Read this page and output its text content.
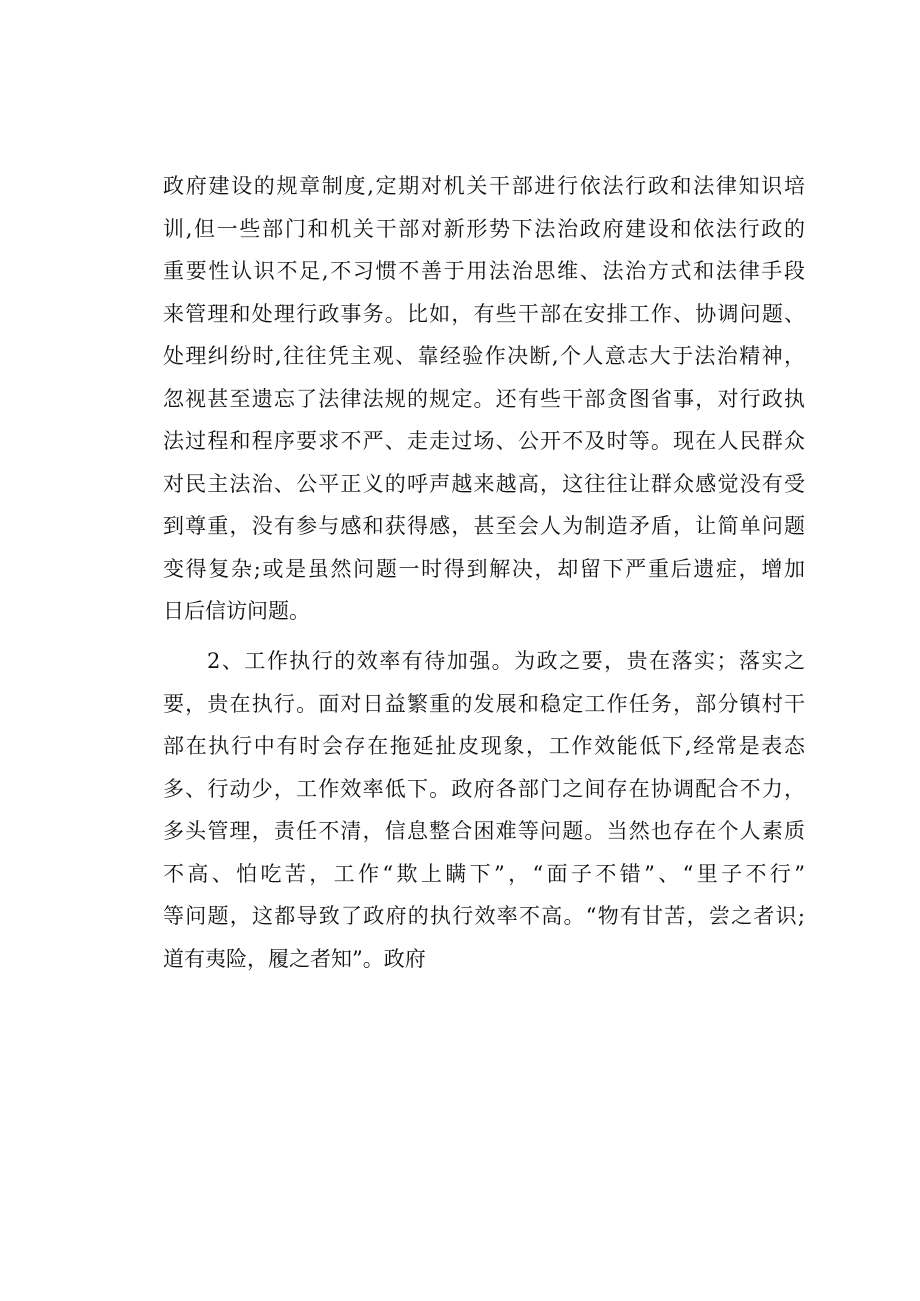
政府建设的规章制度,定期对机关干部进行依法行政和法律知识培
训,但一些部门和机关干部对新形势下法治政府建设和依法行政的
重要性认识不足,不习惯不善于用法治思维、法治方式和法律手段
来管理和处理行政事务。比如，有些干部在安排工作、协调问题、
处理纠纷时,往往凭主观、靠经验作决断,个人意志大于法治精神，
忽视甚至遗忘了法律法规的规定。还有些干部贪图省事，对行政执
法过程和程序要求不严、走走过场、公开不及时等。现在人民群众
对民主法治、公平正义的呼声越来越高，这往往让群众感觉没有受
到尊重，没有参与感和获得感，甚至会人为制造矛盾，让简单问题
变得复杂;或是虽然问题一时得到解决，却留下严重后遗症，增加
日后信访问题。
2、工作执行的效率有待加强。为政之要，贵在落实；落实之
要，贵在执行。面对日益繁重的发展和稳定工作任务，部分镇村干
部在执行中有时会存在拖延扯皮现象，工作效能低下,经常是表态
多、行动少，工作效率低下。政府各部门之间存在协调配合不力，
多头管理，责任不清，信息整合困难等问题。当然也存在个人素质
不高、怕吃苦，工作“欺上瞒下”，“面子不错”、“里子不行”
等问题，这都导致了政府的执行效率不高。“物有甘苦，尝之者识;
道有夷险，履之者知”。政府
